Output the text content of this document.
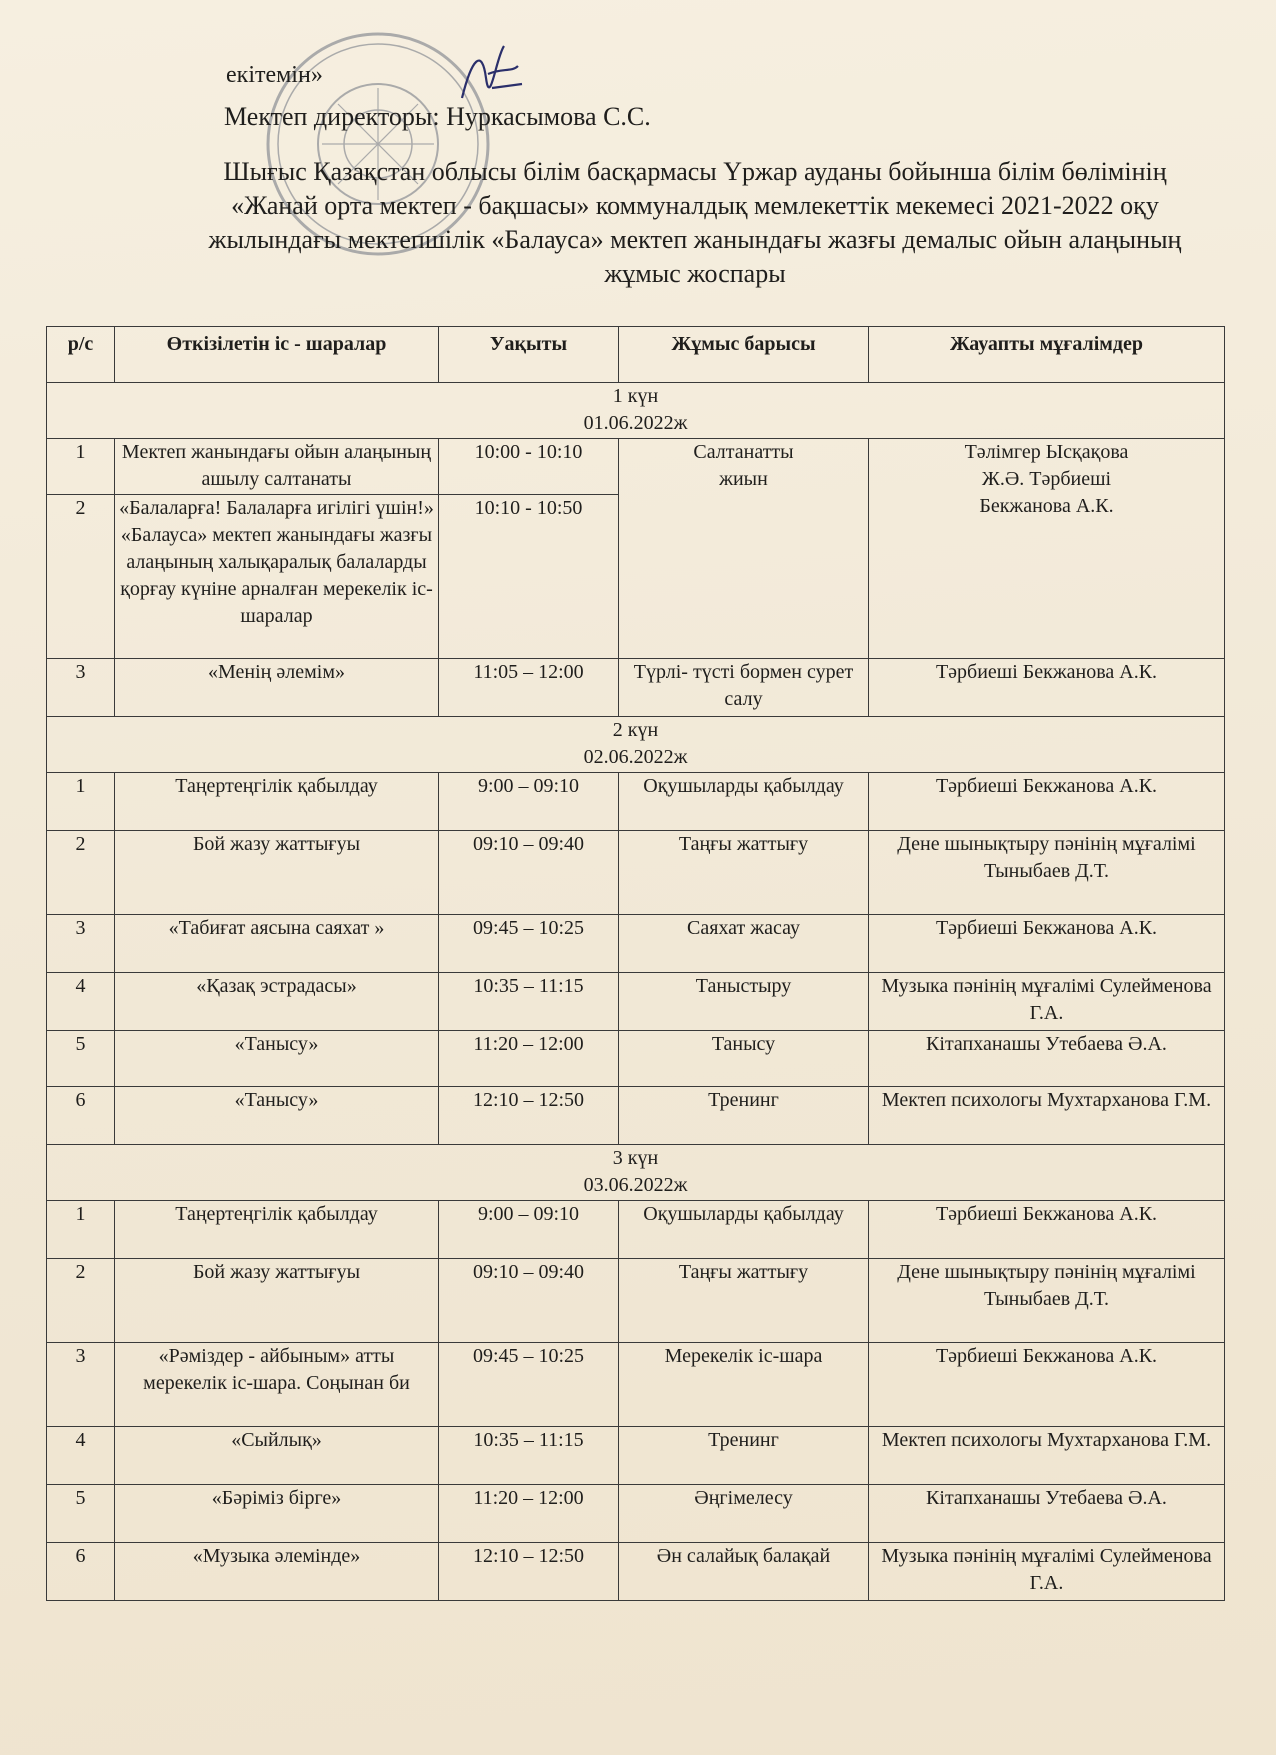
екітемін»
Мектеп директоры: Нуркасымова С.С.
Шығыс Қазақстан облысы білім басқармасы Үржар ауданы бойынша білім бөлімінің «Жанай орта мектеп - бақшасы» коммуналдық мемлекеттік мекемесі 2021-2022 оқу жылындағы мектепшілік «Балауса» мектеп жанындағы жазғы демалыс ойын алаңының жұмыс жоспары
р/с	Өткізілетін іс - шаралар	Уақыты	Жұмыс барысы	Жауапты мұғалімдер

1 күн
01.06.2022ж				

1	Мектеп жанындағы ойын алаңының ашылу салтанаты	10:00 - 10:10	Салтанатты жиын	Тәлімгер Ысқақова Ж.Ә. Тәрбиеші Бекжанова А.К.

2	«Балаларға! Балаларға игілігі үшін!» «Балауса» мектеп жанындағы жазғы алаңының халықаралық балаларды қорғау күніне арналған мерекелік іс-шаралар	10:10 - 10:50		
3	«Менің әлемім»	11:05 – 12:00	Түрлі- түсті бормен сурет салу	Тәрбиеші Бекжанова А.К.

2 күн
02.06.2022ж				

1	Таңертеңгілік қабылдау	9:00 – 09:10	Оқушыларды қабылдау	Тәрбиеші Бекжанова А.К.
2	Бой жазу жаттығуы	09:10 – 09:40	Таңғы жаттығу	Дене шынықтыру пәнінің мұғалімі Тыныбаев Д.Т.
3	«Табиғат аясына саяхат »	09:45 – 10:25	Саяхат жасау	Тәрбиеші Бекжанова А.К.
4	«Қазақ эстрадасы»	10:35 – 11:15	Таныстыру	Музыка пәнінің мұғалімі Сулейменова Г.А.
5	«Танысу»	11:20 – 12:00	Танысу	Кітапханашы Утебаева Ә.А.
6	«Танысу»	12:10 – 12:50	Тренинг	Мектеп психологы Мухтарханова Г.М.

3 күн
03.06.2022ж				

1	Таңертеңгілік қабылдау	9:00 – 09:10	Оқушыларды қабылдау	Тәрбиеші Бекжанова А.К.
2	Бой жазу жаттығуы	09:10 – 09:40	Таңғы жаттығу	Дене шынықтыру пәнінің мұғалімі Тыныбаев Д.Т.
3	«Рәміздер - айбыным» атты мерекелік іс-шара. Соңынан би	09:45 – 10:25	Мерекелік іс-шара	Тәрбиеші Бекжанова А.К.
4	«Сыйлық»	10:35 – 11:15	Тренинг	Мектеп психологы Мухтарханова Г.М.
5	«Бәріміз бірге»	11:20 – 12:00	Әңгімелесу	Кітапханашы Утебаева Ә.А.
6	«Музыка әлемінде»	12:10 – 12:50	Ән салайық балақай	Музыка пәнінің мұғалімі Сулейменова Г.А.
